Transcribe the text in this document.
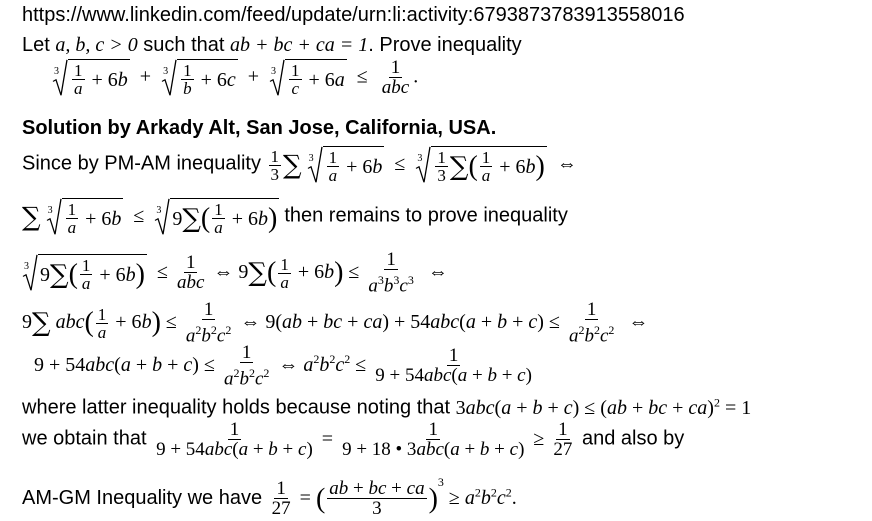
https://www.linkedin.com/feed/update/urn:li:activity:6793873783913558016
Let a, b, c > 0 such that ab + bc + ca = 1. Prove inequality
$3 \frac{1}{a} + 6$ $b + 3 \frac{1}{b} + 6$ $c + 3 \frac{1}{c} + 6$ $a \le \frac{1}{\text{abc}}$ .
Solution by Arkady Alt, San Jose, California, USA.
Since by PM-AM inequality $\frac{1}{3}$ ∑ $3 \frac{1}{a} + 6$ $b \le 3 \frac{1}{3}$ ∑ ( $\frac{1}{a} + 6$ b ) ⇔
∑ $3 \frac{1}{a} + 6$ b ≤ 3 9 ∑ ( $\frac{1}{a} + 6$ b ) then remains to prove inequality
3 9 ∑ ( $\frac{1}{a} + 6$ b ) ≤ $\frac{1}{\text{abc}}$ ⇔ $9\sum( \frac{1}{a} + 6b) \le \frac{1}{a^3b^3c^3}$ ⇔
9∑ $abc( \frac{1}{a} + 6b) \le \frac{1}{a^2b^2c^2}$ ⇔ 9(ab + bc + $ca) + 54abc(a + b + c) \le \frac{1}{a^2b^2c^2}$ ⇔
$9 + 54abc(a + b + c) \le \frac{1}{a^2b^2c^2}$ ⇔ $a^2b^2c^2 \le \frac{1}{\text{9 + 54abc(a + b + c)}}$
where latter inequality holds because noting that 3abc(a + b + c) ≤ (ab + bc + ca)$^2$ = 1
we obtain that $\frac{1}{\text{9 + 54abc(a + b + c)}} = \frac{1}{\text{9 + 18 • 3abc(a + b + c)}} \ge \frac{1}{27}$ and also by
AM-GM Inequality we have $\frac{1}{27}$ = ( $\frac{ab + bc + ca}{3} )^3 \ge a^2b^2c^2$.
